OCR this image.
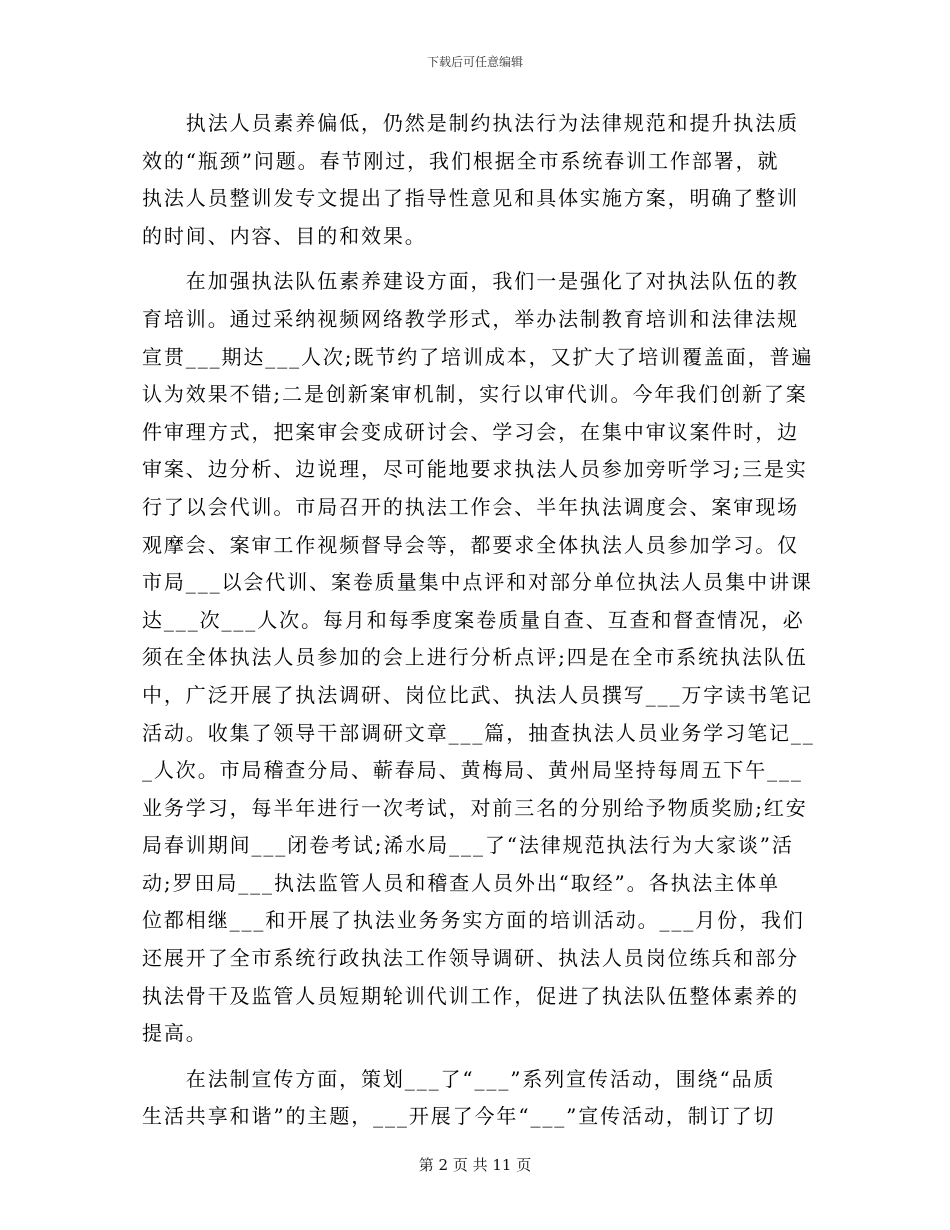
下载后可任意编辑

　　执法人员素养偏低，仍然是制约执法行为法律规范和提升执法质

效的“瓶颈”问题。春节刚过，我们根据全市系统春训工作部署，就

执法人员整训发专文提出了指导性意见和具体实施方案，明确了整训

的时间、内容、目的和效果。

　　在加强执法队伍素养建设方面，我们一是强化了对执法队伍的教

育培训。通过采纳视频网络教学形式，举办法制教育培训和法律法规

宣贯___期达___人次;既节约了培训成本，又扩大了培训覆盖面，普遍

认为效果不错;二是创新案审机制，实行以审代训。今年我们创新了案

件审理方式，把案审会变成研讨会、学习会，在集中审议案件时，边

审案、边分析、边说理，尽可能地要求执法人员参加旁听学习;三是实

行了以会代训。市局召开的执法工作会、半年执法调度会、案审现场

观摩会、案审工作视频督导会等，都要求全体执法人员参加学习。仅

市局___以会代训、案卷质量集中点评和对部分单位执法人员集中讲课

达___次___人次。每月和每季度案卷质量自查、互查和督查情况，必

须在全体执法人员参加的会上进行分析点评;四是在全市系统执法队伍

中，广泛开展了执法调研、岗位比武、执法人员撰写___万字读书笔记

活动。收集了领导干部调研文章___篇，抽查执法人员业务学习笔记__

_人次。市局稽查分局、蕲春局、黄梅局、黄州局坚持每周五下午___

业务学习，每半年进行一次考试，对前三名的分别给予物质奖励;红安

局春训期间___闭卷考试;浠水局___了“法律规范执法行为大家谈”活

动;罗田局___执法监管人员和稽查人员外出“取经”。各执法主体单

位都相继___和开展了执法业务务实方面的培训活动。___月份，我们

还展开了全市系统行政执法工作领导调研、执法人员岗位练兵和部分

执法骨干及监管人员短期轮训代训工作，促进了执法队伍整体素养的

提高。

　　在法制宣传方面，策划___了“___”系列宣传活动，围绕“品质

生活共享和谐”的主题，___开展了今年“___”宣传活动，制订了切

第 2 页 共 11 页
